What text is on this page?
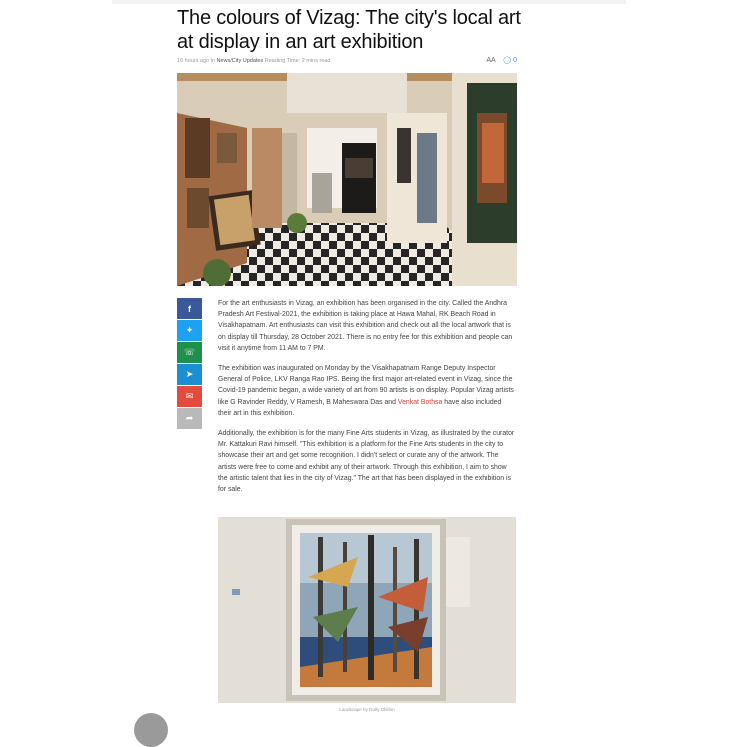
The colours of Vizag: The city's local art at display in an art exhibition
16 hours ago in News/City Updates Reading Time: 2 mins read	AA ◯ 0
f
✦
☏
➤
✉
➦

For the art enthusiasts in Vizag, an exhibition has been organised in the city. Called the Andhra Pradesh Art Festival-2021, the exhibition is taking place at Hawa Mahal, RK Beach Road in Visakhapatnam. Art enthusiasts can visit this exhibition and check out all the local artwork that is on display till Thursday, 28 October 2021. There is no entry fee for this exhibition and people can visit it anytime from 11 AM to 7 PM.

The exhibition was inaugurated on Monday by the Visakhapatnam Range Deputy Inspector General of Police, LKV Ranga Rao IPS. Being the first major art-related event in Vizag, since the Covid-19 pandemic began, a wide variety of art from 90 artists is on display. Popular Vizag artists like G Ravinder Reddy, V Ramesh, B Maheswara Das and Venkat Bothsa have also included their art in this exhibition.

Additionally, the exhibition is for the many Fine Arts students in Vizag, as illustrated by the curator Mr. Kattakuri Ravi himself. "This exhibition is a platform for the Fine Arts students in the city to showcase their art and get some recognition. I didn't select or curate any of the artwork. The artists were free to come and exhibit any of their artwork. Through this exhibition, I aim to show the artistic talent that lies in the city of Vizag." The art that has been displayed in the exhibition is for sale.

Landscape by Dolly Dhillon
